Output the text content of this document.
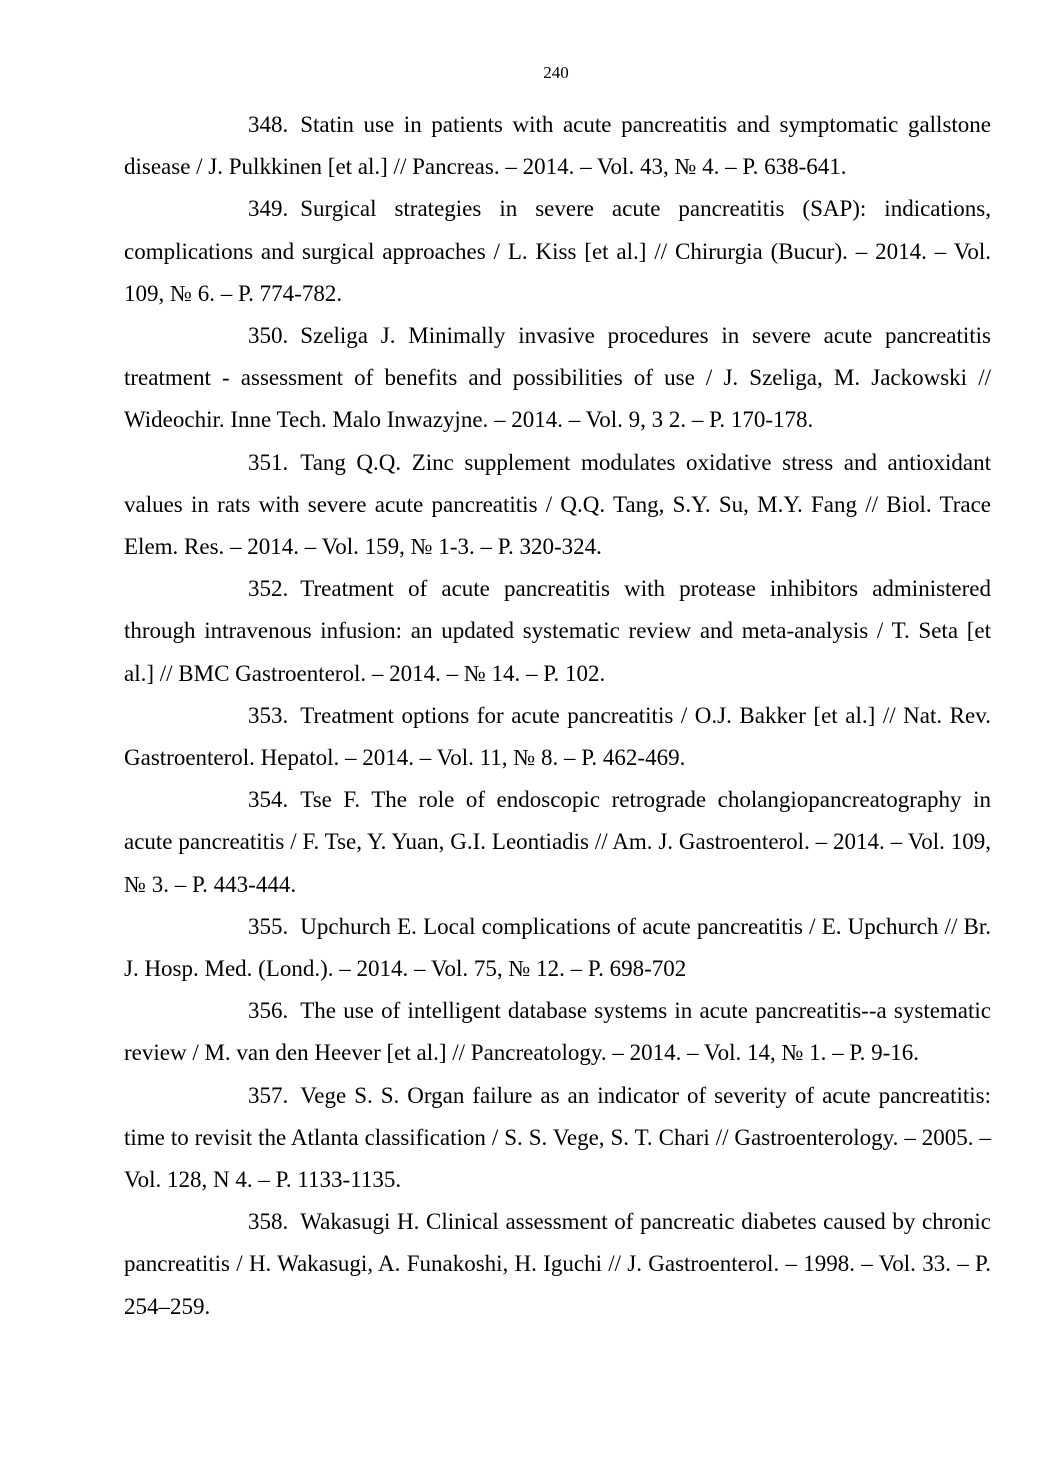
240

348. Statin use in patients with acute pancreatitis and symptomatic gallstone disease / J. Pulkkinen [et al.] // Pancreas. – 2014. – Vol. 43, № 4. – P. 638-641.

349. Surgical strategies in severe acute pancreatitis (SAP): indications, complications and surgical approaches / L. Kiss [et al.] // Chirurgia (Bucur). – 2014. – Vol. 109, № 6. – P. 774-782.

350. Szeliga J. Minimally invasive procedures in severe acute pancreatitis treatment - assessment of benefits and possibilities of use / J. Szeliga, M. Jackowski // Wideochir. Inne Tech. Malo Inwazyjne. – 2014. – Vol. 9, 3 2. – P. 170-178.

351. Tang Q.Q. Zinc supplement modulates oxidative stress and antioxidant values in rats with severe acute pancreatitis / Q.Q. Tang, S.Y. Su, M.Y. Fang // Biol. Trace Elem. Res. – 2014. – Vol. 159, № 1-3. – P. 320-324.

352. Treatment of acute pancreatitis with protease inhibitors administered through intravenous infusion: an updated systematic review and meta-analysis / T. Seta [et al.] // BMC Gastroenterol. – 2014. – № 14. – P. 102.

353. Treatment options for acute pancreatitis / O.J. Bakker [et al.] // Nat. Rev. Gastroenterol. Hepatol. – 2014. – Vol. 11, № 8. – P. 462-469.

354. Tse F. The role of endoscopic retrograde cholangiopancreatography in acute pancreatitis / F. Tse, Y. Yuan, G.I. Leontiadis // Am. J. Gastroenterol. – 2014. – Vol. 109, № 3. – P. 443-444.

355. Upchurch E. Local complications of acute pancreatitis / E. Upchurch // Br. J. Hosp. Med. (Lond.). – 2014. – Vol. 75, № 12. – P. 698-702

356. The use of intelligent database systems in acute pancreatitis--a systematic review / M. van den Heever [et al.] // Pancreatology. – 2014. – Vol. 14, № 1. – P. 9-16.

357. Vege S. S. Organ failure as an indicator of severity of acute pancreatitis: time to revisit the Atlanta classification / S. S. Vege, S. T. Chari // Gastroenterology. – 2005. – Vol. 128, N 4. – P. 1133-1135.

358. Wakasugi H. Clinical assessment of pancreatic diabetes caused by chronic pancreatitis / H. Wakasugi, A. Funakoshi, H. Iguchi // J. Gastroenterol. – 1998. – Vol. 33. – P. 254–259.
